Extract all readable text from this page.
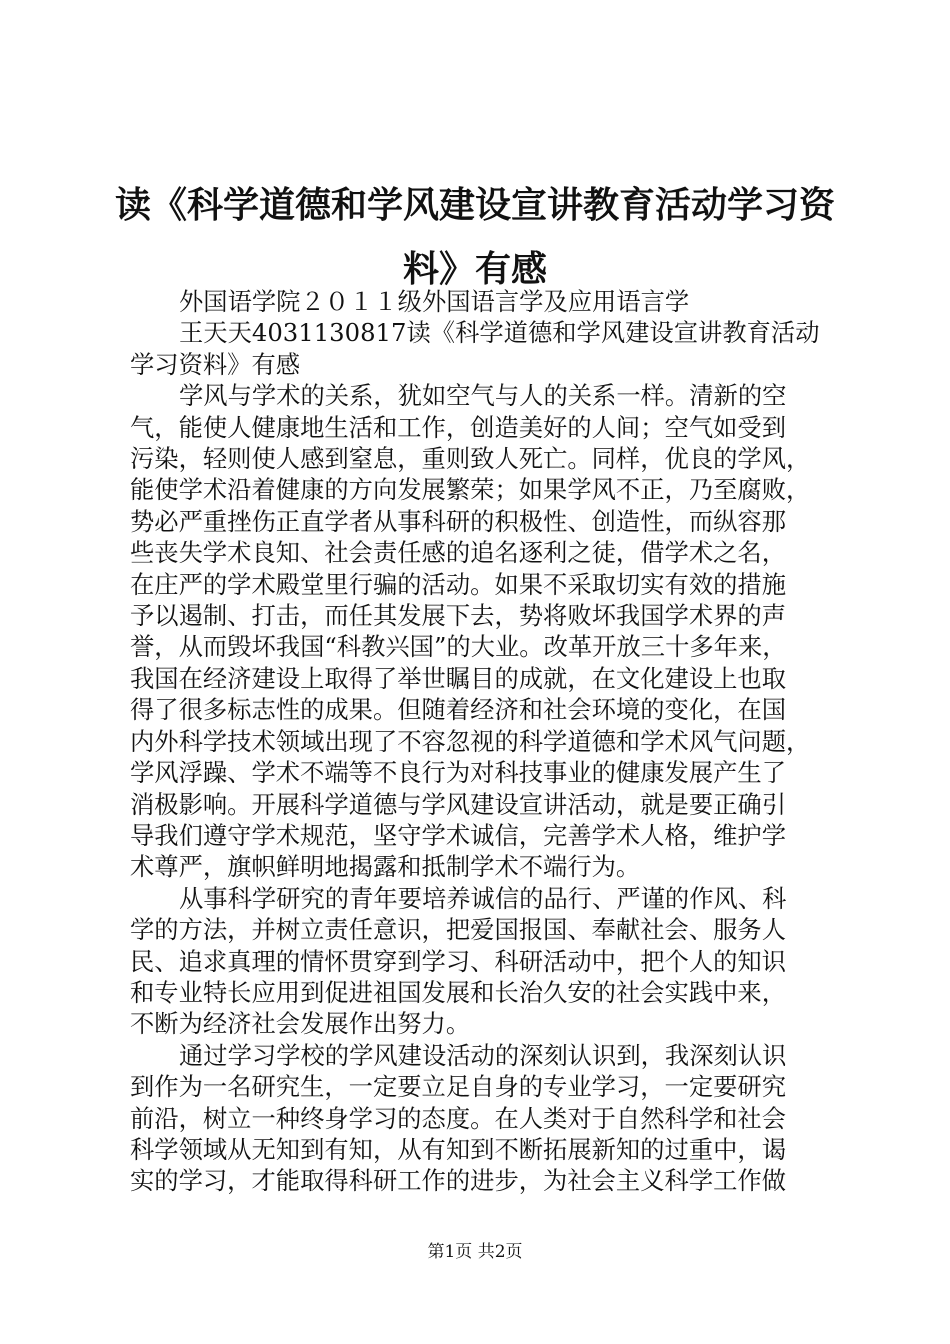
读《科学道德和学风建设宣讲教育活动学习资
料》有感

外国语学院２０１１级外国语言学及应用语言学

王天天4031130817读《科学道德和学风建设宣讲教育活动

学习资料》有感

学风与学术的关系，犹如空气与人的关系一样。清新的空

气，能使人健康地生活和工作，创造美好的人间；空气如受到

污染，轻则使人感到窒息，重则致人死亡。同样，优良的学风，

能使学术沿着健康的方向发展繁荣；如果学风不正，乃至腐败，

势必严重挫伤正直学者从事科研的积极性、创造性，而纵容那

些丧失学术良知、社会责任感的追名逐利之徒，借学术之名，

在庄严的学术殿堂里行骗的活动。如果不采取切实有效的措施

予以遏制、打击，而任其发展下去，势将败坏我国学术界的声

誉，从而毁坏我国“科教兴国”的大业。改革开放三十多年来，

我国在经济建设上取得了举世瞩目的成就，在文化建设上也取

得了很多标志性的成果。但随着经济和社会环境的变化，在国

内外科学技术领域出现了不容忽视的科学道德和学术风气问题，

学风浮躁、学术不端等不良行为对科技事业的健康发展产生了

消极影响。开展科学道德与学风建设宣讲活动，就是要正确引

导我们遵守学术规范，坚守学术诚信，完善学术人格，维护学

术尊严，旗帜鲜明地揭露和抵制学术不端行为。

从事科学研究的青年要培养诚信的品行、严谨的作风、科

学的方法，并树立责任意识，把爱国报国、奉献社会、服务人

民、追求真理的情怀贯穿到学习、科研活动中，把个人的知识

和专业特长应用到促进祖国发展和长治久安的社会实践中来，

不断为经济社会发展作出努力。

通过学习学校的学风建设活动的深刻认识到，我深刻认识

到作为一名研究生，一定要立足自身的专业学习，一定要研究

前沿，树立一种终身学习的态度。在人类对于自然科学和社会

科学领域从无知到有知，从有知到不断拓展新知的过重中，谒

实的学习，才能取得科研工作的进步，为社会主义科学工作做

第1页 共2页
